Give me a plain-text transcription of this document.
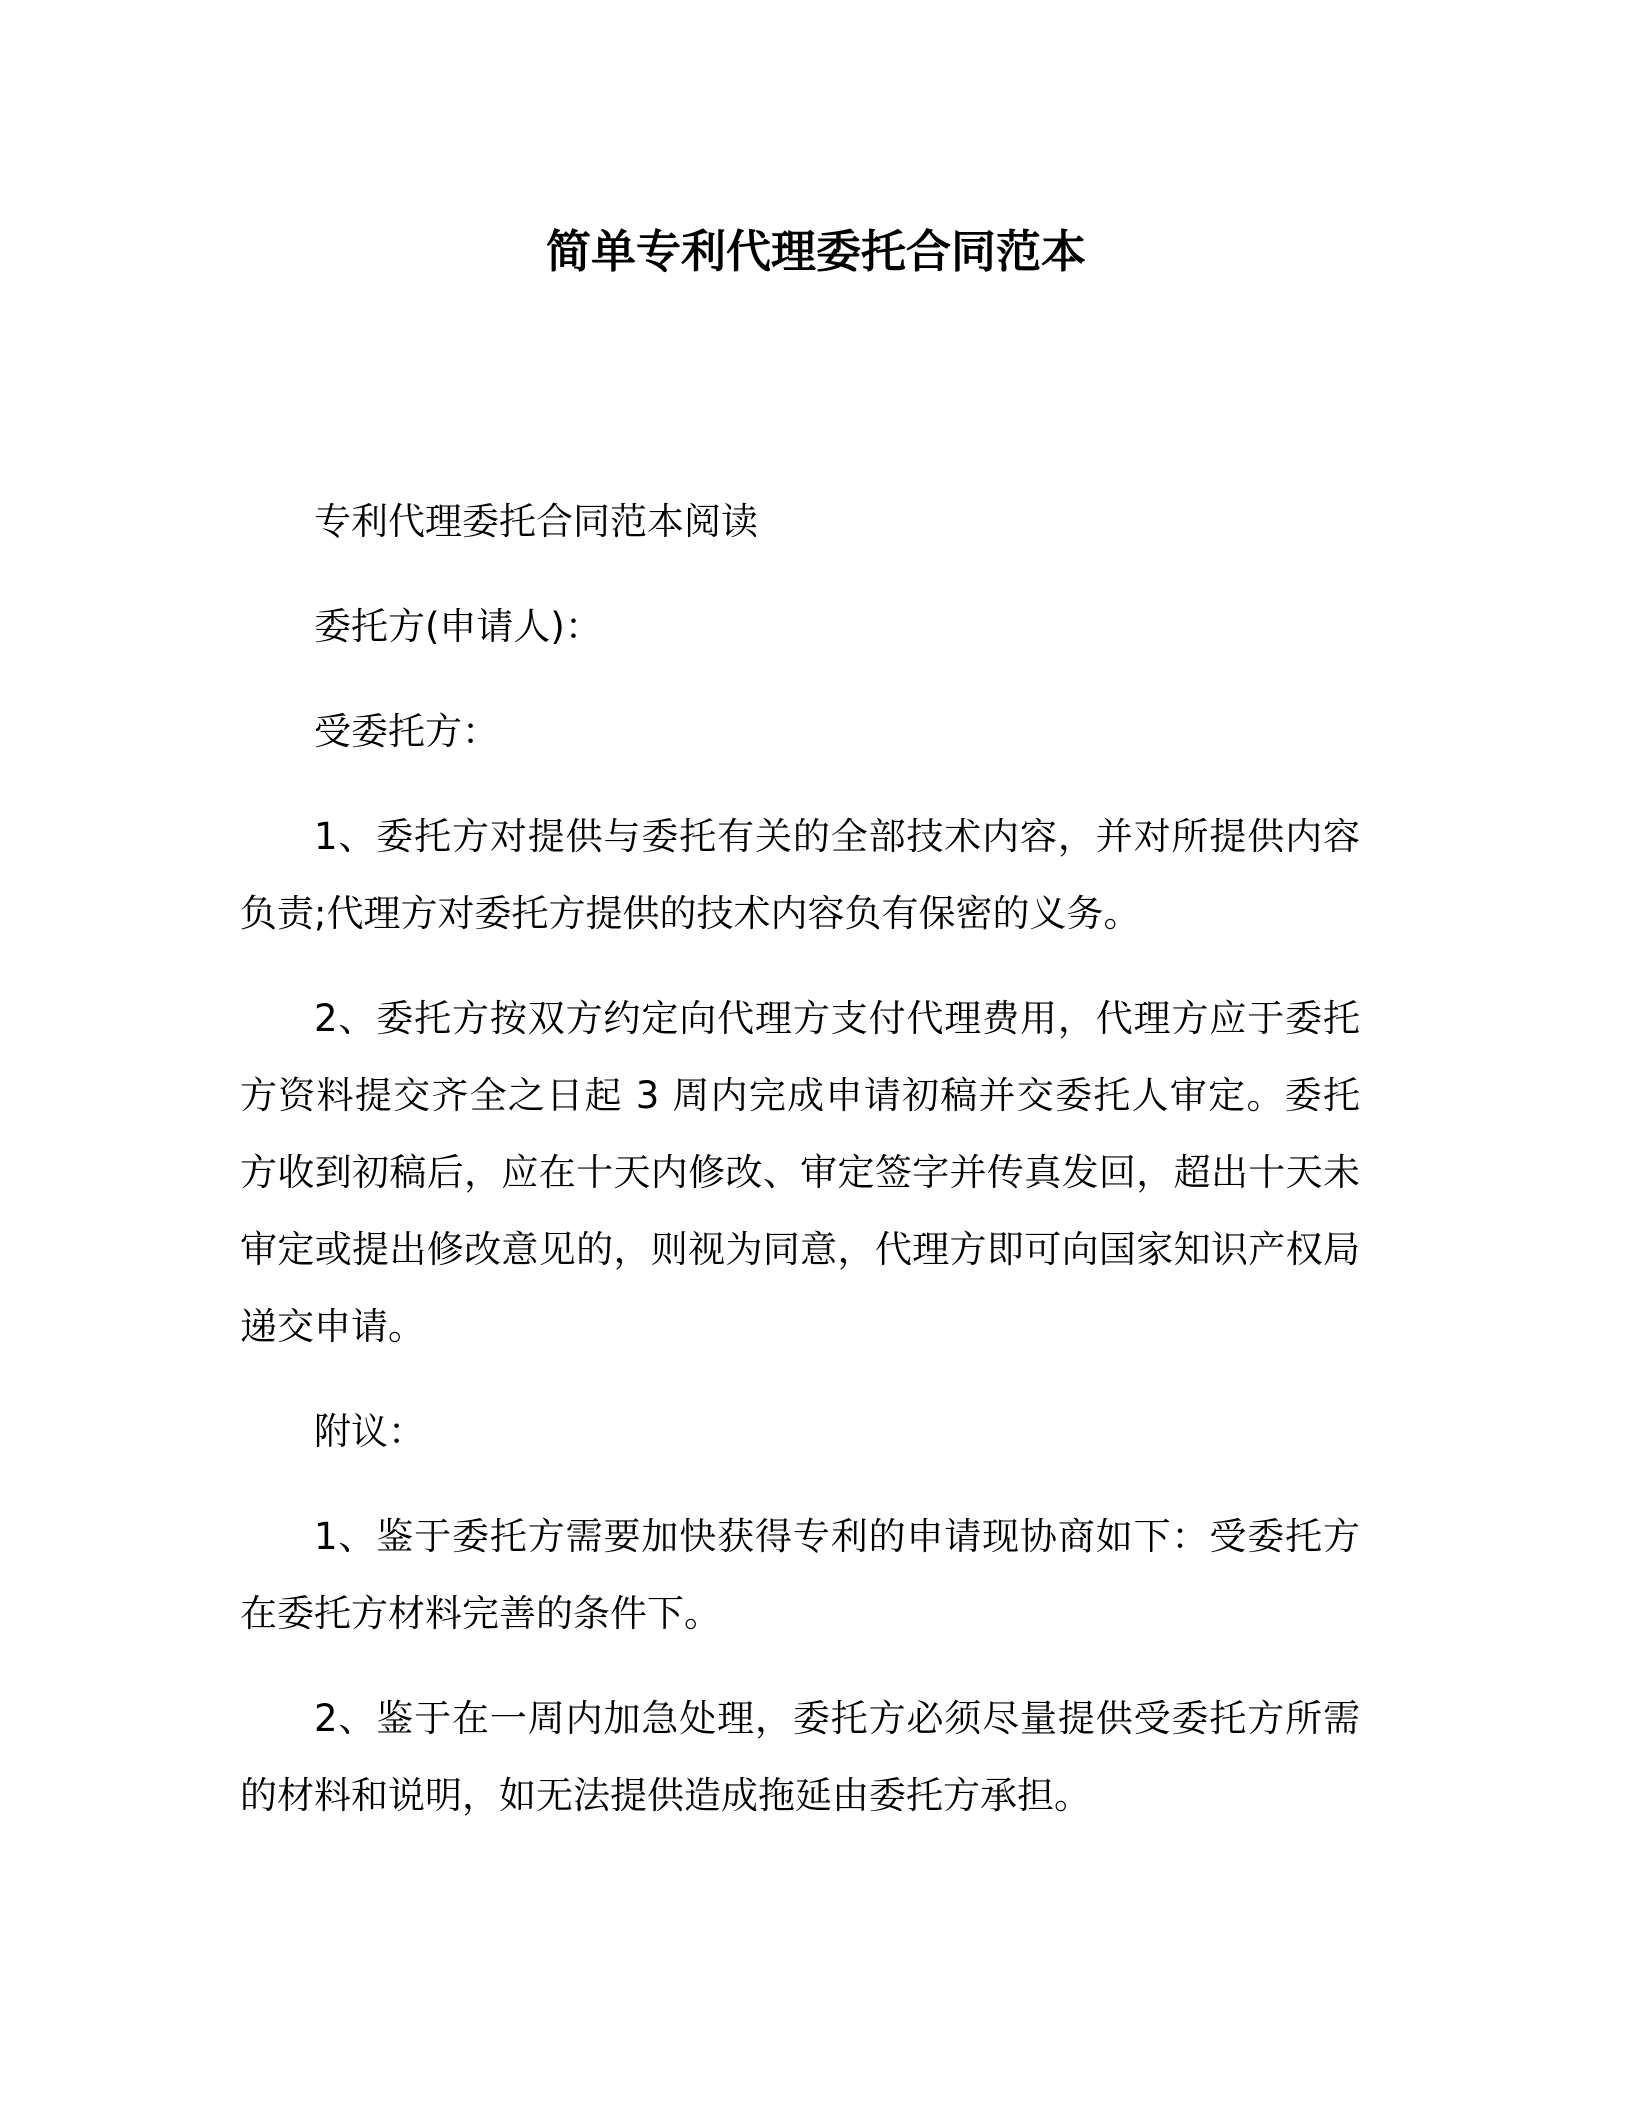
简单专利代理委托合同范本

专利代理委托合同范本阅读

委托方(申请人)：

受委托方：

1、委托方对提供与委托有关的全部技术内容，并对所提供内容负责;代理方对委托方提供的技术内容负有保密的义务。

2、委托方按双方约定向代理方支付代理费用，代理方应于委托方资料提交齐全之日起 3 周内完成申请初稿并交委托人审定。委托方收到初稿后，应在十天内修改、审定签字并传真发回，超出十天未审定或提出修改意见的，则视为同意，代理方即可向国家知识产权局递交申请。

附议：

1、鉴于委托方需要加快获得专利的申请现协商如下：受委托方在委托方材料完善的条件下。

2、鉴于在一周内加急处理，委托方必须尽量提供受委托方所需的材料和说明，如无法提供造成拖延由委托方承担。
